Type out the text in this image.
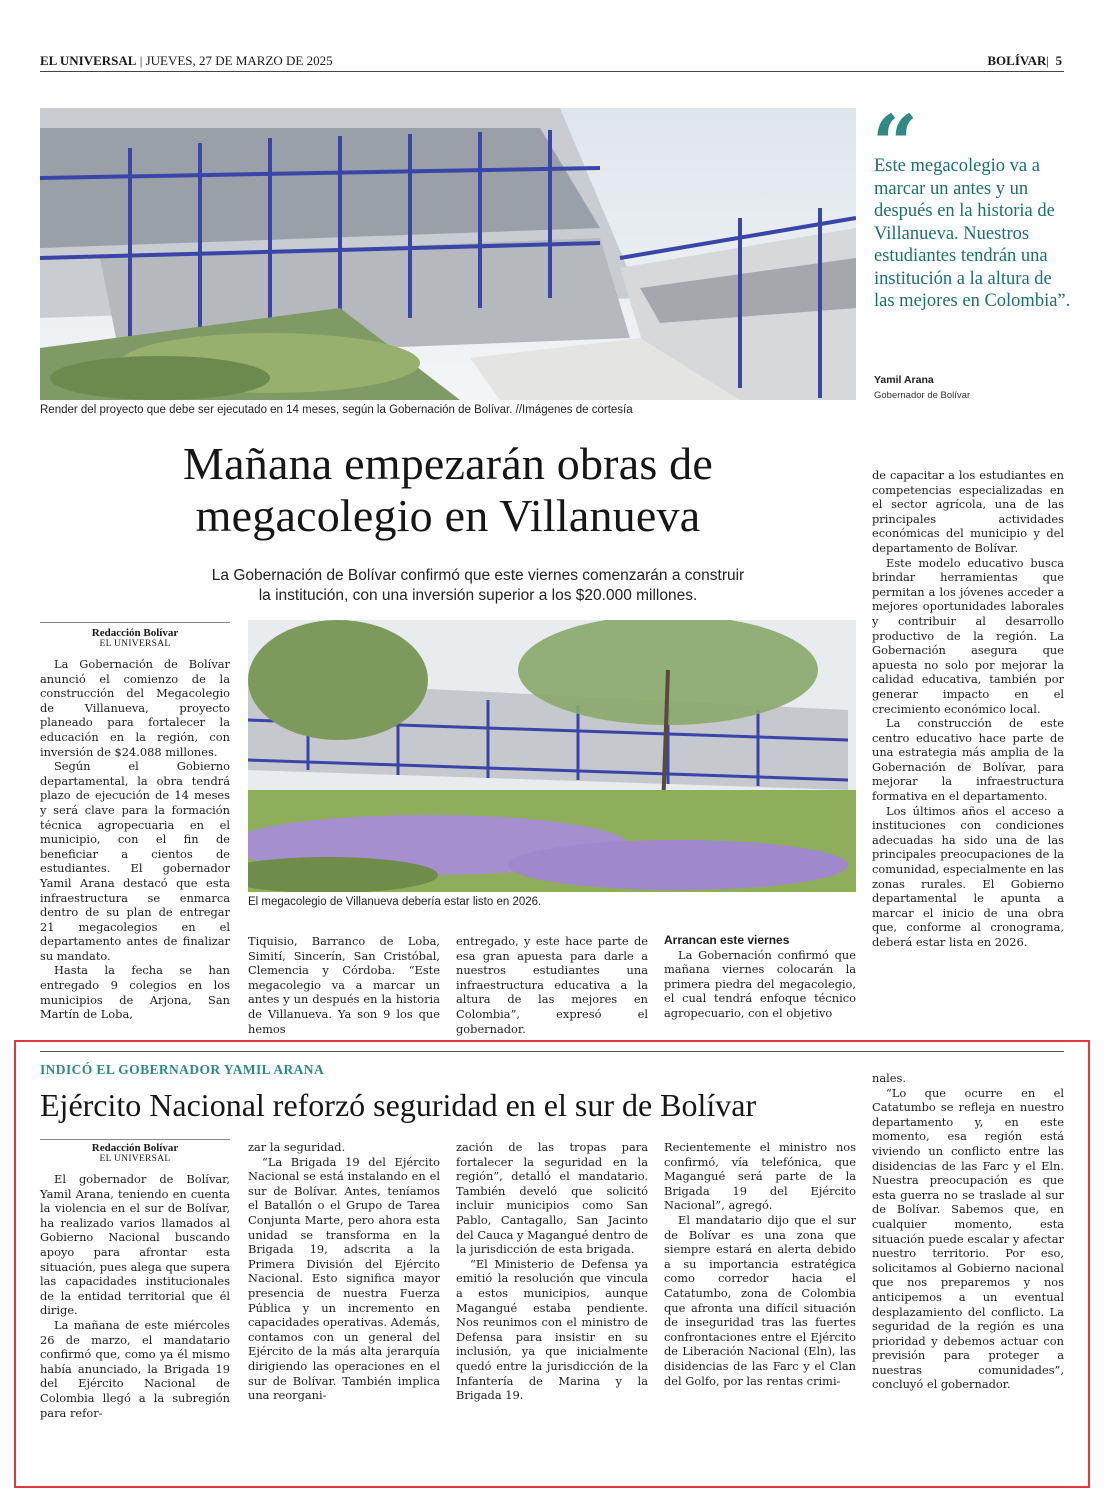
EL UNIVERSAL | JUEVES, 27 DE MARZO DE 2025	BOLÍVAR|  5
Render del proyecto que debe ser ejecutado en 14 meses, según la Gobernación de Bolívar. //Imágenes de cortesía
“
Este megacolegio va a marcar un antes y un después en la historia de Villanueva. Nuestros estudiantes tendrán una institución a la altura de las mejores en Colombia”.
Yamil Arana
Gobernador de Bolívar
Mañana empezarán obras de
megacolegio en Villanueva
La Gobernación de Bolívar confirmó que este viernes comenzarán a construir
la institución, con una inversión superior a los $20.000 millones.
Redacción Bolívar
EL UNIVERSAL

La Gobernación de Bolívar anunció el comienzo de la construcción del Megacolegio de Villanueva, proyecto planeado para fortalecer la educación en la región, con inversión de $24.088 millones.

Según el Gobierno departamental, la obra tendrá plazo de ejecución de 14 meses y será clave para la formación técnica agropecuaria en el municipio, con el fin de beneficiar a cientos de estudiantes. El gobernador Yamil Arana destacó que esta infraestructura se enmarca dentro de su plan de entregar 21 megacolegios en el departamento antes de finalizar su mandato.

Hasta la fecha se han entregado 9 colegios en los municipios de Arjona, San Martín de Loba,

El megacolegio de Villanueva debería estar listo en 2026.

Tiquisio, Barranco de Loba, Simití, Sincerín, San Cristóbal, Clemencia y Córdoba. “Este megacolegio va a marcar un antes y un después en la historia de Villanueva. Ya son 9 los que hemos

entregado, y este hace parte de esa gran apuesta para darle a nuestros estudiantes una infraestructura educativa a la altura de las mejores en Colombia”, expresó el gobernador.

Arrancan este viernes

La Gobernación confirmó que mañana viernes colocarán la primera piedra del megacolegio, el cual tendrá enfoque técnico agropecuario, con el objetivo

de capacitar a los estudiantes en competencias especializadas en el sector agrícola, una de las principales actividades económicas del municipio y del departamento de Bolívar.

Este modelo educativo busca brindar herramientas que permitan a los jóvenes acceder a mejores oportunidades laborales y contribuir al desarrollo productivo de la región. La Gobernación asegura que apuesta no solo por mejorar la calidad educativa, también por generar impacto en el crecimiento económico local.

La construcción de este centro educativo hace parte de una estrategia más amplia de la Gobernación de Bolívar, para mejorar la infraestructura formativa en el departamento.

Los últimos años el acceso a instituciones con condiciones adecuadas ha sido una de las principales preocupaciones de la comunidad, especialmente en las zonas rurales. El Gobierno departamental le apunta a marcar el inicio de una obra que, conforme al cronograma, deberá estar lista en 2026.

INDICÓ EL GOBERNADOR YAMIL ARANA
Ejército Nacional reforzó seguridad en el sur de Bolívar
Redacción Bolívar
EL UNIVERSAL

El gobernador de Bolívar, Yamil Arana, teniendo en cuenta la violencia en el sur de Bolívar, ha realizado varios llamados al Gobierno Nacional buscando apoyo para afrontar esta situación, pues alega que supera las capacidades institucionales de la entidad territorial que él dirige.

La mañana de este miércoles 26 de marzo, el mandatario confirmó que, como ya él mismo había anunciado, la Brigada 19 del Ejército Nacional de Colombia llegó a la subregión para refor-

zar la seguridad.

“La Brigada 19 del Ejército Nacional se está instalando en el sur de Bolívar. Antes, teníamos el Batallón o el Grupo de Tarea Conjunta Marte, pero ahora esta unidad se transforma en la Brigada 19, adscrita a la Primera División del Ejército Nacional. Esto significa mayor presencia de nuestra Fuerza Pública y un incremento en capacidades operativas. Además, contamos con un general del Ejército de la más alta jerarquía dirigiendo las operaciones en el sur de Bolívar. También implica una reorgani-

zación de las tropas para fortalecer la seguridad en la región”, detalló el mandatario. También develó que solicitó incluir municipios como San Pablo, Cantagallo, San Jacinto del Cauca y Magangué dentro de la jurisdicción de esta brigada.

“El Ministerio de Defensa ya emitió la resolución que vincula a estos municipios, aunque Magangué estaba pendiente. Nos reunimos con el ministro de Defensa para insistir en su inclusión, ya que inicialmente quedó entre la jurisdicción de la Infantería de Marina y la Brigada 19.

Recientemente el ministro nos confirmó, vía telefónica, que Magangué será parte de la Brigada 19 del Ejército Nacional”, agregó.

El mandatario dijo que el sur de Bolívar es una zona que siempre estará en alerta debido a su importancia estratégica como corredor hacia el Catatumbo, zona de Colombia que afronta una difícil situación de inseguridad tras las fuertes confrontaciones entre el Ejército de Liberación Nacional (Eln), las disidencias de las Farc y el Clan del Golfo, por las rentas crimi-

nales.

“Lo que ocurre en el Catatumbo se refleja en nuestro departamento y, en este momento, esa región está viviendo un conflicto entre las disidencias de las Farc y el Eln. Nuestra preocupación es que esta guerra no se traslade al sur de Bolívar. Sabemos que, en cualquier momento, esta situación puede escalar y afectar nuestro territorio. Por eso, solicitamos al Gobierno nacional que nos preparemos y nos anticipemos a un eventual desplazamiento del conflicto. La seguridad de la región es una prioridad y debemos actuar con previsión para proteger a nuestras comunidades”, concluyó el gobernador.
